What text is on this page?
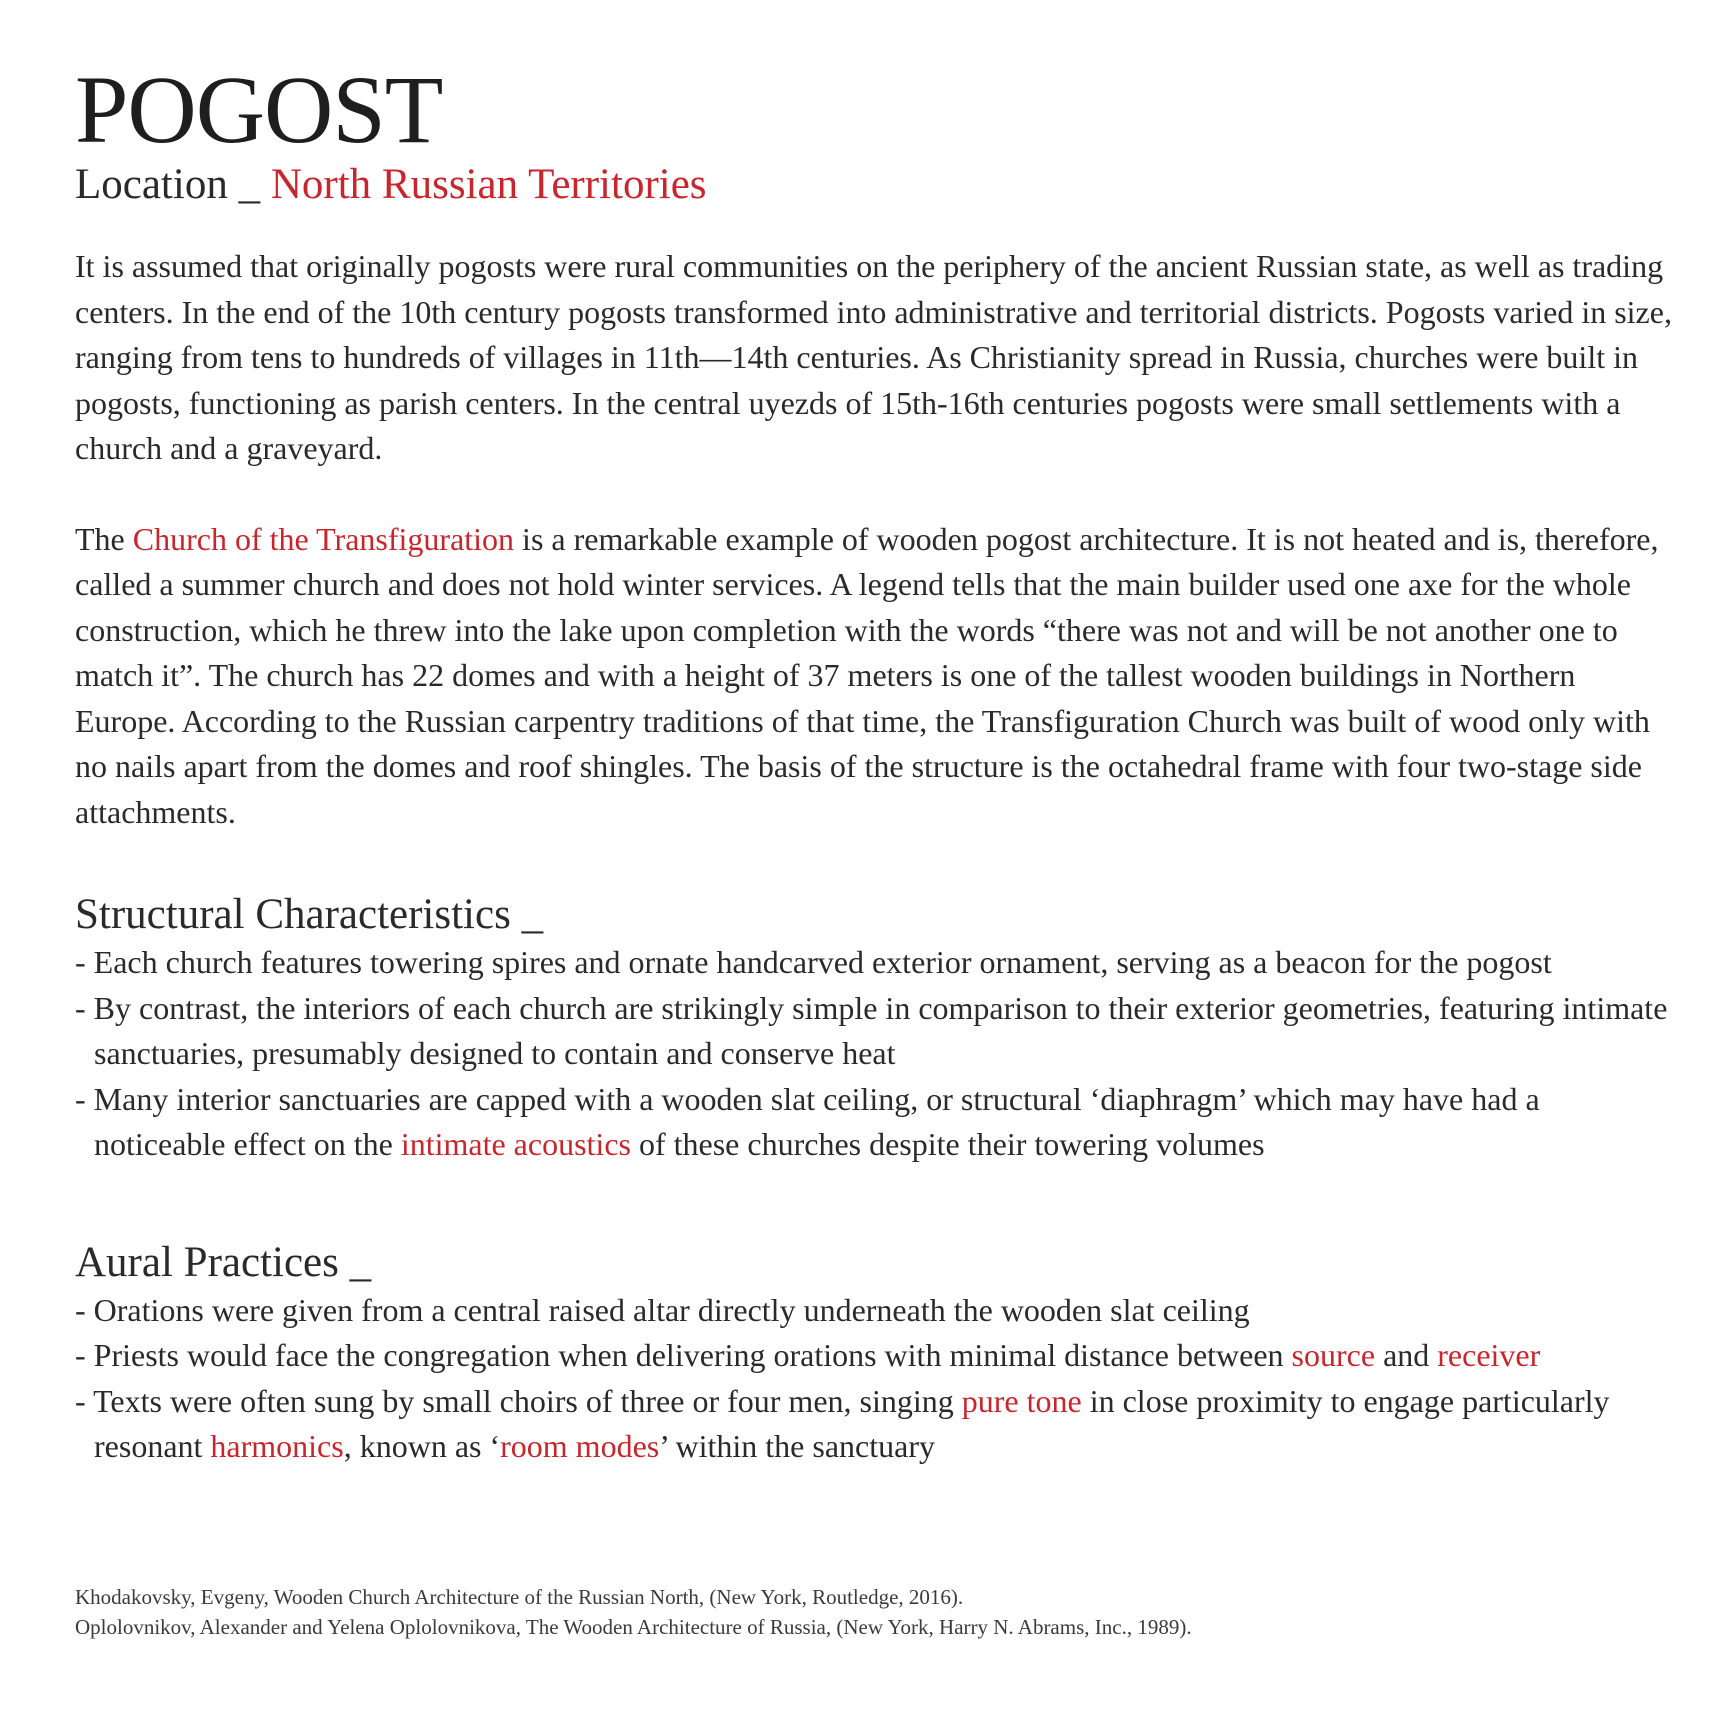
POGOST
Location _ North Russian Territories

It is assumed that originally pogosts were rural communities on the periphery of the ancient Russian state, as well as trading centers. In the end of the 10th century pogosts transformed into administrative and territorial districts. Pogosts varied in size, ranging from tens to hundreds of villages in 11th—14th centuries. As Christianity spread in Russia, churches were built in pogosts, functioning as parish centers. In the central uyezds of 15th-16th centuries pogosts were small settlements with a church and a graveyard.

The Church of the Transfiguration is a remarkable example of wooden pogost architecture. It is not heated and is, therefore, called a summer church and does not hold winter services. A legend tells that the main builder used one axe for the whole construction, which he threw into the lake upon completion with the words “there was not and will be not another one to match it”. The church has 22 domes and with a height of 37 meters is one of the tallest wooden buildings in Northern Europe. According to the Russian carpentry traditions of that time, the Transfiguration Church was built of wood only with no nails apart from the domes and roof shingles. The basis of the structure is the octahedral frame with four two-stage side attachments.

Structural Characteristics _
- Each church features towering spires and ornate handcarved exterior ornament, serving as a beacon for the pogost
- By contrast, the interiors of each church are strikingly simple in comparison to their exterior geometries, featuring intimate sanctuaries, presumably designed to contain and conserve heat
- Many interior sanctuaries are capped with a wooden slat ceiling, or structural ‘diaphragm’ which may have had a noticeable effect on the intimate acoustics of these churches despite their towering volumes
Aural Practices _
- Orations were given from a central raised altar directly underneath the wooden slat ceiling
- Priests would face the congregation when delivering orations with minimal distance between source and receiver
- Texts were often sung by small choirs of three or four men, singing pure tone in close proximity to engage particularly resonant harmonics, known as ‘room modes’ within the sanctuary

Khodakovsky, Evgeny, Wooden Church Architecture of the Russian North, (New York, Routledge, 2016).

Oplolovnikov, Alexander and Yelena Oplolovnikova, The Wooden Architecture of Russia, (New York, Harry N. Abrams, Inc., 1989).
